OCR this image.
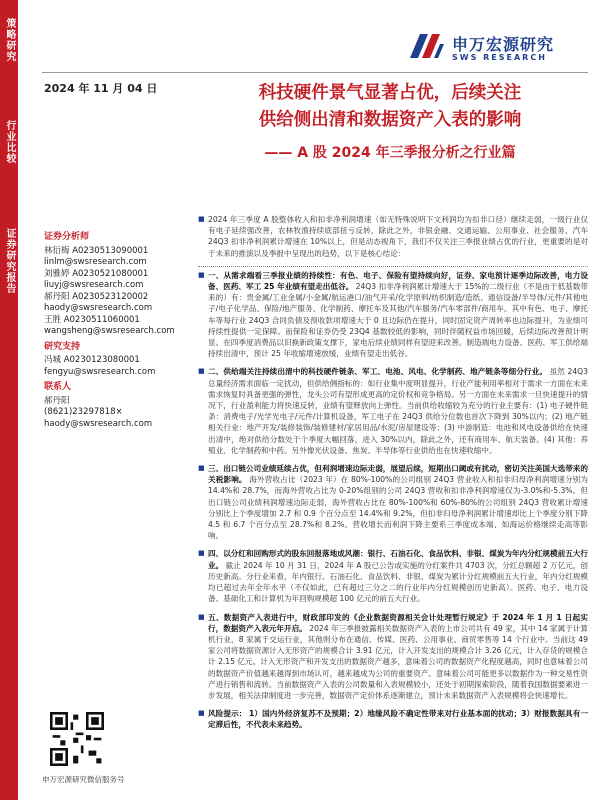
策略研究
行业比较
证券研究报告
申万宏源研究
SWS RESEARCH
2024 年 11 月 04 日	科技硬件景气显著占优，后续关注
供给侧出清和数据资产入表的影响
—— A 股 2024 年三季报分析之行业篇
证券分析师
林衍梅 A0230513090001
linlm@swsresearch.com
刘雅婷 A0230521080001
liuyj@swsresearch.com
郝丹阳 A0230523120002
haody@swsresearch.com
王胜 A0230511060001
wangsheng@swsresearch.com
研究支持
冯城 A0230123080001
fengyu@swsresearch.com
联系人
郝丹阳
(8621)23297818×
haody@swsresearch.com
申万宏源研究微信服务号
■ 2024 年三季度 A 股整体收入和扣非净利润增速（如无特殊说明下文利润均为扣非口径）继续走弱，一级行业仅有电子延续强改善，农林牧渔持续底部扭亏反转，除此之外，非银金融、交通运输、公用事业、社会服务、汽车 24Q3 扣非净利润累计增速在 10%以上，但是动态视角下，我们不仅关注三季报业绩占优的行业，更重要的是对于未来的推演以及季报中呈现出的趋势，以下是核心结论：
■ 一、从需求端看三季报业绩的持续性：有色、电子、保险有望持续向好，证券、家电预计逐季边际改善，电力设备、医药、军工 25 年业绩有望走出低谷。 24Q3 扣非净利润累计增速大于 15%的二级行业（不是由于低基数带来的）有：贵金属/工业金属/小金属/航运港口/油气开采/化学原料/纺织制造/造纸、通信设备/半导体/元件/其他电子/电子化学品、保险/地产服务、化学制药、摩托车及其他/汽车服务/汽车零部件/商用车。其中有色、电子、摩托车等每行业 24Q3 合同负债及预收款项增速大于 0 且边际仍在提升，同时固定资产周转率也边际提升，为业绩可持续性提供一定保障。而保险和证券仍受 23Q4 基数较低的影响，同时伴随权益市场回暖，后续边际改善预计明显。在四季度消费品以旧换新政策支撑下，家电后续业绩同样有望迎来改善。制造端电力设备、医药、军工供给端持续出清中，预计 25 年收缩增速放缓，业绩有望走出低谷。
■ 二、供给端关注持续出清中的科技硬件链条、军工、电池、风电、化学制药、地产链条等细分行业。 虽然 24Q3 总量经济需求面临一定扰动，但供给侧指标的：如行业集中度明显提升，行业产能利用率相对于需求一方面在未来需求恢复时具备更强的弹性，龙头公司有望形成更高的定价权和竞争格局。另一方面在未来需求一旦快速提升的情况下，行业盈利能力将快速反转，业绩有望释放向上弹性。当前供给收缩较为充分的行业主要有：(1) 电子硬件链条：消费电子/光学光电子/元件/计算机设备，军工电子在 24Q3 供给分位数也首次下降到 30%以内；(2) 地产链相关行业：地产开发/装修装饰/装修建材/家居用品/水泥/房屋建设等；(3) 中游制造：电池和风电设备供给在快速出清中，绝对供给分数处于个季度大幅回落，进入 30%以内，除此之外，还有商用车、航天装备。(4) 其他：养殖业、化学制药和中药。另外像光伏设备、焦炭、半导体等行业供给也在快速收缩中。
■ 三、出口链公司业绩延续占优，但利润增速边际走弱，展望后续，短期出口阈或有扰动，密切关注美国大选带来的关税影响。 海外营收占比（2023 年）在 80%-100%的公司组别 24Q3 营业收入和扣非归母净利润增速分别为 14.4%和 28.7%，而海外营收占比为 0-20%组别的公司 24Q3 营收和扣非净利润增速仅为-3.0%和-5.3%。但出口链公司业绩利润增速边际走弱，海外营收占比在 80%-100%和 60%-80%的公司组别 24Q3 营收累计增速分别比上个季度增加 2.7 和 0.9 个百分点至 14.4%和 9.2%，但扣非归母净利润累计增速却比上个季度分别下降 4.5 和 6.7 个百分点至 28.7%和 8.2%。营收增长而利润下降主要系三季度成本端、如海运价格继续走高等影响。
■ 四、以分红和回购形式的股东回报落地成风潮：银行、石油石化、食品饮料、非银、煤炭为年内分红规模前五大行业。 截止 2024 年 10 月 31 日，2024 年 A 股已公告或实施的分红案件共 4703 次，分红总额超 2 万亿元，创历史新高。分行业来看，年内银行、石油石化、食品饮料、非银、煤炭为累计分红规模前五大行业，年内分红规模均已超过去年全年水平（不仅如此，已有超过三分之二的行业年内分红规模创历史新高）。医药、电子、电力设备、基础化工和计算机为年回购规模超 100 亿元的前五大行业。
■ 五、数据资产入表进行中，财政部印发的《企业数据资源相关会计处理暂行规定》于 2024 年 1 月 1 日起实行，数据资产入表元年开启。 2024 年三季报披露相关数据资产入表的上市公司共有 49 家，其中 14 家属于计算机行业，8 家属于交运行业，其他则分布在通信、传媒、医药、公用事业、商贸零售等 14 个行业中。当前这 49 家公司将数据资源计入无形资产的规模合计 3.91 亿元，计入开发支出的规模合计 3.26 亿元，计入存货的规模合计 2.15 亿元。计入无形资产和开发支出的数据资产越多，意味着公司的数据资产化程度越高，同时也意味着公司的数据资产价值越来越得到市场认可，越来越成为公司的重要资产。意味着公司可能更多以数据作为一种交易性资产进行销售和流转。当前数据资产入表的公司数量和入表规模较小，还处于初期探索阶段，随着我国数据要素进一步发展，相关法律制度进一步完善，数据资产定价体系逐渐建立，预计未来数据资产入表规模将会快速增长。
■ 风险提示： 1）国内外经济复苏不及预期；2）地缘风险不确定性带来对行业基本面的扰动；3）财报数据具有一定滞后性，不代表未来趋势。
